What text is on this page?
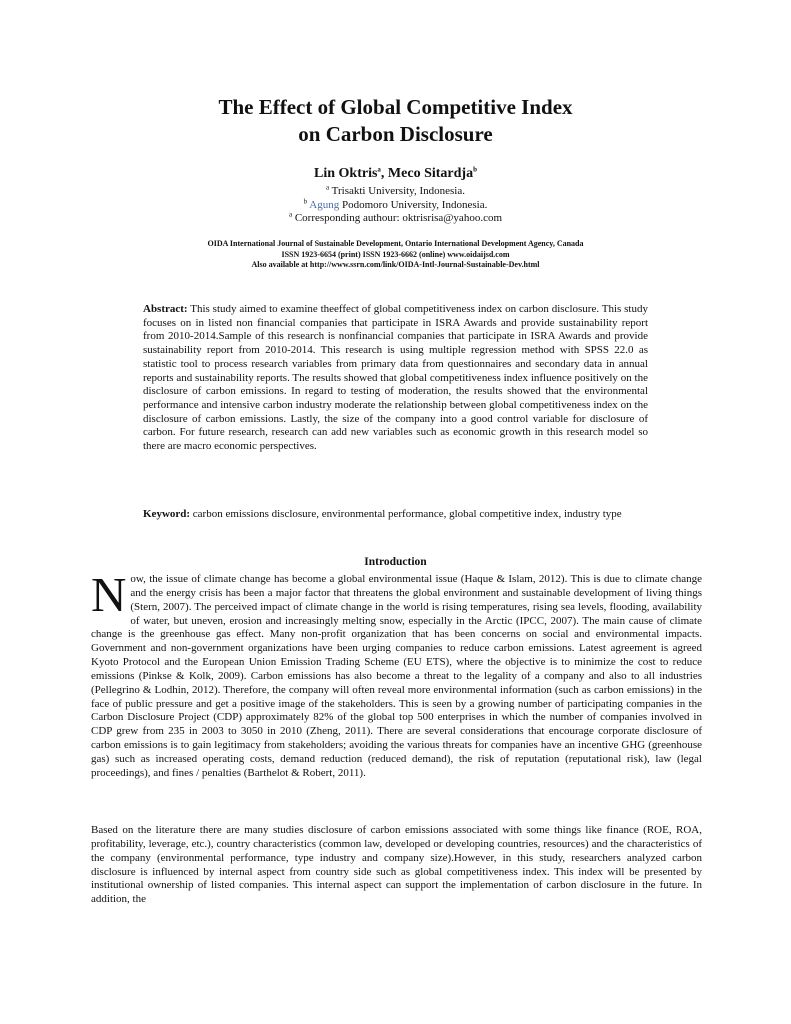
The Effect of Global Competitive Index
on Carbon Disclosure
Lin Oktris$^a$, Meco Sitardja$^b$
$^a$ Trisakti University, Indonesia.
$^b$ Agung Podomoro University, Indonesia.
$^a$ Corresponding authour: oktrisrisa@yahoo.com
OIDA International Journal of Sustainable Development, Ontario International Development Agency, Canada
ISSN 1923-6654 (print) ISSN 1923-6662 (online) www.oidaijsd.com
Also available at http://www.ssrn.com/link/OIDA-Intl-Journal-Sustainable-Dev.html

Abstract: This study aimed to examine theeffect of global competitiveness index on carbon disclosure. This study focuses on in listed non financial companies that participate in ISRA Awards and provide sustainability report from 2010-2014.Sample of this research is nonfinancial companies that participate in ISRA Awards and provide sustainability report from 2010-2014. This research is using multiple regression method with SPSS 22.0 as statistic tool to process research variables from primary data from questionnaires and secondary data in annual reports and sustainability reports. The results showed that global competitiveness index influence positively on the disclosure of carbon emissions. In regard to testing of moderation, the results showed that the environmental performance and intensive carbon industry moderate the relationship between global competitiveness index on the disclosure of carbon emissions. Lastly, the size of the company into a good control variable for disclosure of carbon. For future research, research can add new variables such as economic growth in this research model so there are macro economic perspectives.

Keyword: carbon emissions disclosure, environmental performance, global competitive index, industry type

Introduction

Now, the issue of climate change has become a global environmental issue (Haque & Islam, 2012). This is due to climate change and the energy crisis has been a major factor that threatens the global environment and sustainable development of living things (Stern, 2007). The perceived impact of climate change in the world is rising temperatures, rising sea levels, flooding, availability of water, but uneven, erosion and increasingly melting snow, especially in the Arctic (IPCC, 2007). The main cause of climate change is the greenhouse gas effect. Many non-profit organization that has been concerns on social and environmental impacts. Government and non-government organizations have been urging companies to reduce carbon emissions. Latest agreement is agreed Kyoto Protocol and the European Union Emission Trading Scheme (EU ETS), where the objective is to minimize the cost to reduce emissions (Pinkse & Kolk, 2009). Carbon emissions has also become a threat to the legality of a company and also to all industries (Pellegrino & Lodhin, 2012). Therefore, the company will often reveal more environmental information (such as carbon emissions) in the face of public pressure and get a positive image of the stakeholders. This is seen by a growing number of participating companies in the Carbon Disclosure Project (CDP) approximately 82% of the global top 500 enterprises in which the number of companies involved in CDP grew from 235 in 2003 to 3050 in 2010 (Zheng, 2011). There are several considerations that encourage corporate disclosure of carbon emissions is to gain legitimacy from stakeholders; avoiding the various threats for companies have an incentive GHG (greenhouse gas) such as increased operating costs, demand reduction (reduced demand), the risk of reputation (reputational risk), law (legal proceedings), and fines / penalties (Barthelot & Robert, 2011).

Based on the literature there are many studies disclosure of carbon emissions associated with some things like finance (ROE, ROA, profitability, leverage, etc.), country characteristics (common law, developed or developing countries, resources) and the characteristics of the company (environmental performance, type industry and company size).However, in this study, researchers analyzed carbon disclosure is influenced by internal aspect from country side such as global competitiveness index. This index will be presented by institutional ownership of listed companies. This internal aspect can support the implementation of carbon disclosure in the future. In addition, the
